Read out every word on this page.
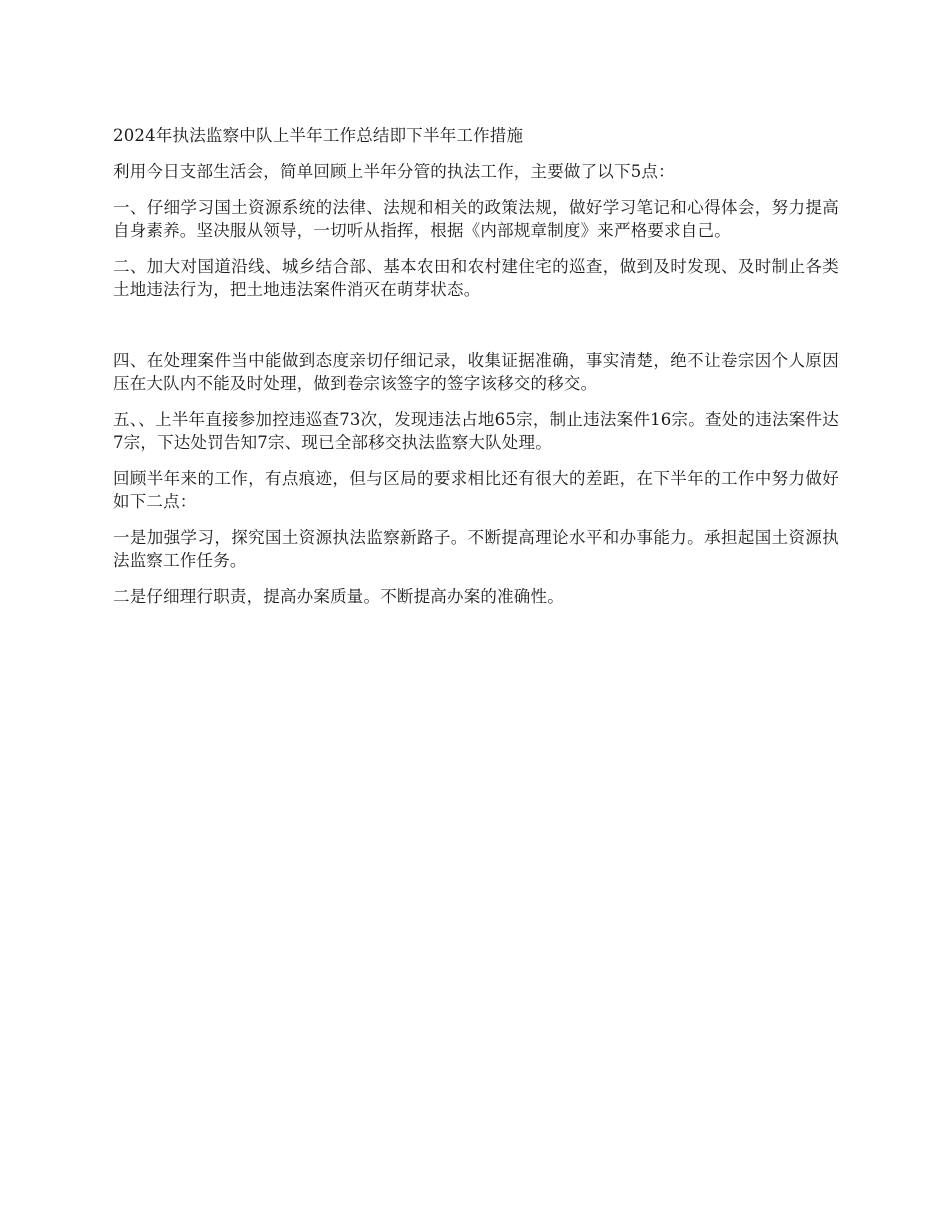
2024年执法监察中队上半年工作总结即下半年工作措施

利用今日支部生活会，简单回顾上半年分管的执法工作，主要做了以下5点：

一、仔细学习国土资源系统的法律、法规和相关的政策法规，做好学习笔记和心得体会，努力提高自身素养。坚决服从领导，一切听从指挥，根据《内部规章制度》来严格要求自己。

二、加大对国道沿线、城乡结合部、基本农田和农村建住宅的巡查，做到及时发现、及时制止各类土地违法行为，把土地违法案件消灭在萌芽状态。

四、在处理案件当中能做到态度亲切仔细记录，收集证据准确，事实清楚，绝不让卷宗因个人原因压在大队内不能及时处理，做到卷宗该签字的签字该移交的移交。

五、、上半年直接参加控违巡查73次，发现违法占地65宗，制止违法案件16宗。查处的违法案件达7宗，下达处罚告知7宗、现已全部移交执法监察大队处理。

回顾半年来的工作，有点痕迹，但与区局的要求相比还有很大的差距，在下半年的工作中努力做好如下二点：

一是加强学习，探究国土资源执法监察新路子。不断提高理论水平和办事能力。承担起国土资源执法监察工作任务。

二是仔细理行职责，提高办案质量。不断提高办案的准确性。
